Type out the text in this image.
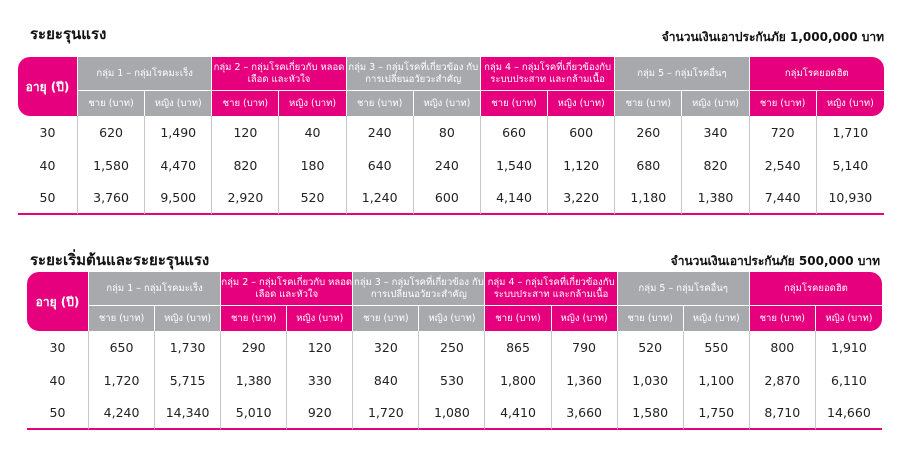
ระยะรุนแรง	จำนวนเงินเอาประกันภัย 1,000,000 บาท
อายุ (ปี)	กลุ่ม 1 – กลุ่มโรคมะเร็ง		กลุ่ม 2 – กลุ่มโรคเกี่ยวกับ หลอดเลือด และหัวใจ		กลุ่ม 3 – กลุ่มโรคที่เกี่ยวข้อง กับการเปลี่ยนอวัยวะสำคัญ		กลุ่ม 4 – กลุ่มโรคที่เกี่ยวข้องกับ ระบบประสาท และกล้ามเนื้อ		กลุ่ม 5 – กลุ่มโรคอื่นๆ		กลุ่มโรคยอดฮิต	
	ชาย (บาท)	หญิง (บาท)	ชาย (บาท)	หญิง (บาท)	ชาย (บาท)	หญิง (บาท)	ชาย (บาท)	หญิง (บาท)	ชาย (บาท)	หญิง (บาท)	ชาย (บาท)	หญิง (บาท)
30	620	1,490	120	40	240	80	660	600	260	340	720	1,710
40	1,580	4,470	820	180	640	240	1,540	1,120	680	820	2,540	5,140
50	3,760	9,500	2,920	520	1,240	600	4,140	3,220	1,180	1,380	7,440	10,930
ระยะเริ่มต้นและระยะรุนแรง	จำนวนเงินเอาประกันภัย 500,000 บาท
อายุ (ปี)	กลุ่ม 1 – กลุ่มโรคมะเร็ง		กลุ่ม 2 – กลุ่มโรคเกี่ยวกับ หลอดเลือด และหัวใจ		กลุ่ม 3 – กลุ่มโรคที่เกี่ยวข้อง กับการเปลี่ยนอวัยวะสำคัญ		กลุ่ม 4 – กลุ่มโรคที่เกี่ยวข้องกับ ระบบประสาท และกล้ามเนื้อ		กลุ่ม 5 – กลุ่มโรคอื่นๆ		กลุ่มโรคยอดฮิต	
	ชาย (บาท)	หญิง (บาท)	ชาย (บาท)	หญิง (บาท)	ชาย (บาท)	หญิง (บาท)	ชาย (บาท)	หญิง (บาท)	ชาย (บาท)	หญิง (บาท)	ชาย (บาท)	หญิง (บาท)
30	650	1,730	290	120	320	250	865	790	520	550	800	1,910
40	1,720	5,715	1,380	330	840	530	1,800	1,360	1,030	1,100	2,870	6,110
50	4,240	14,340	5,010	920	1,720	1,080	4,410	3,660	1,580	1,750	8,710	14,660
